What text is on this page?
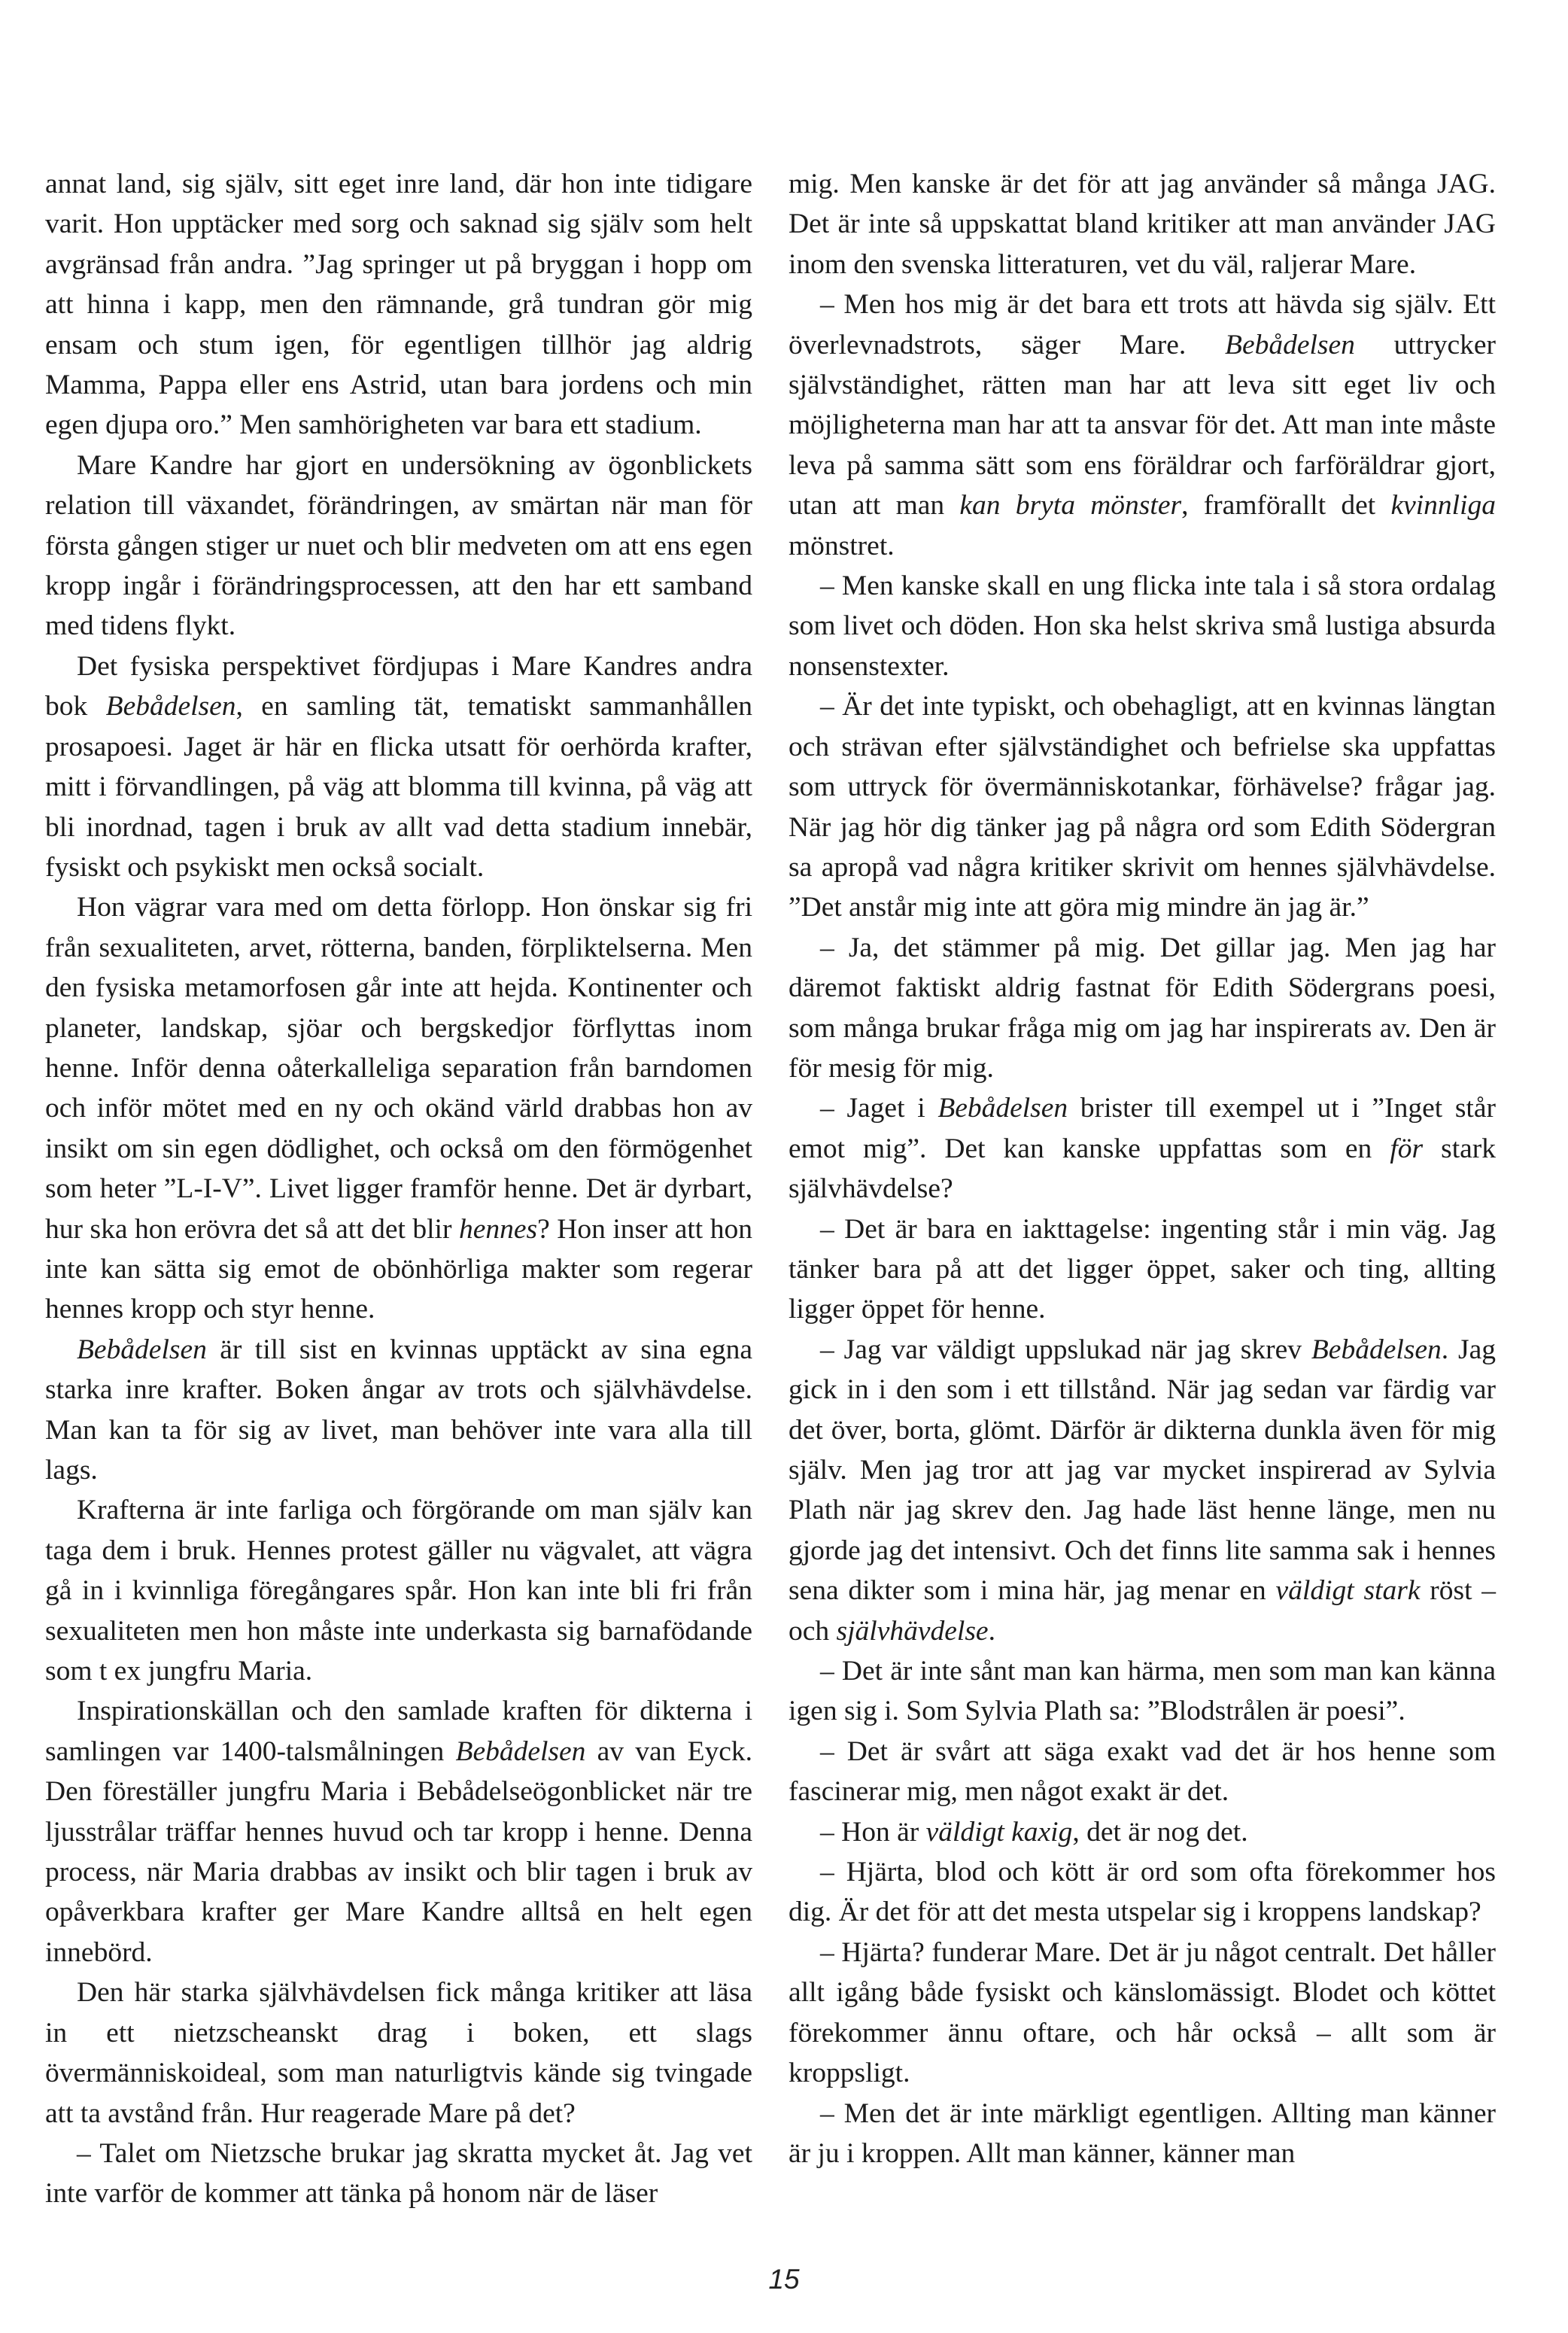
annat land, sig själv, sitt eget inre land, där hon inte tidigare varit. Hon upptäcker med sorg och saknad sig själv som helt avgränsad från andra. ”Jag springer ut på bryggan i hopp om att hinna i kapp, men den rämnande, grå tundran gör mig ensam och stum igen, för egentligen tillhör jag aldrig Mamma, Pappa eller ens Astrid, utan bara jordens och min egen djupa oro.” Men samhörigheten var bara ett stadium.

Mare Kandre har gjort en undersökning av ögonblickets relation till växandet, förändringen, av smärtan när man för första gången stiger ur nuet och blir medveten om att ens egen kropp ingår i förändringsprocessen, att den har ett samband med tidens flykt.

Det fysiska perspektivet fördjupas i Mare Kandres andra bok Bebådelsen, en samling tät, tematiskt sammanhållen prosapoesi. Jaget är här en flicka utsatt för oerhörda krafter, mitt i förvandlingen, på väg att blomma till kvinna, på väg att bli inordnad, tagen i bruk av allt vad detta stadium innebär, fysiskt och psykiskt men också socialt.

Hon vägrar vara med om detta förlopp. Hon önskar sig fri från sexualiteten, arvet, rötterna, banden, förpliktelserna. Men den fysiska metamorfosen går inte att hejda. Kontinenter och planeter, landskap, sjöar och bergskedjor förflyttas inom henne. Inför denna oåterkalleliga separation från barndomen och inför mötet med en ny och okänd värld drabbas hon av insikt om sin egen dödlighet, och också om den förmögenhet som heter ”L-I-V”. Livet ligger framför henne. Det är dyrbart, hur ska hon erövra det så att det blir hennes? Hon inser att hon inte kan sätta sig emot de obönhörliga makter som regerar hennes kropp och styr henne.

Bebådelsen är till sist en kvinnas upptäckt av sina egna starka inre krafter. Boken ångar av trots och självhävdelse. Man kan ta för sig av livet, man behöver inte vara alla till lags.

Krafterna är inte farliga och förgörande om man själv kan taga dem i bruk. Hennes protest gäller nu vägvalet, att vägra gå in i kvinnliga föregångares spår. Hon kan inte bli fri från sexualiteten men hon måste inte underkasta sig barnafödande som t ex jungfru Maria.

Inspirationskällan och den samlade kraften för dikterna i samlingen var 1400-talsmålningen Bebådelsen av van Eyck. Den föreställer jungfru Maria i Bebådelseögonblicket när tre ljusstrålar träffar hennes huvud och tar kropp i henne. Denna process, när Maria drabbas av insikt och blir tagen i bruk av opåverkbara krafter ger Mare Kandre alltså en helt egen innebörd.

Den här starka självhävdelsen fick många kritiker att läsa in ett nietzscheanskt drag i boken, ett slags övermänniskoideal, som man naturligtvis kände sig tvingade att ta avstånd från. Hur reagerade Mare på det?

– Talet om Nietzsche brukar jag skratta mycket åt. Jag vet inte varför de kommer att tänka på honom när de läser

mig. Men kanske är det för att jag använder så många JAG. Det är inte så uppskattat bland kritiker att man använder JAG inom den svenska litteraturen, vet du väl, raljerar Mare.

– Men hos mig är det bara ett trots att hävda sig själv. Ett överlevnadstrots, säger Mare. Bebådelsen uttrycker självständighet, rätten man har att leva sitt eget liv och möjligheterna man har att ta ansvar för det. Att man inte måste leva på samma sätt som ens föräldrar och farföräldrar gjort, utan att man kan bryta mönster, framförallt det kvinnliga mönstret.

– Men kanske skall en ung flicka inte tala i så stora ordalag som livet och döden. Hon ska helst skriva små lustiga absurda nonsenstexter.

– Är det inte typiskt, och obehagligt, att en kvinnas längtan och strävan efter självständighet och befrielse ska uppfattas som uttryck för övermänniskotankar, förhävelse? frågar jag. När jag hör dig tänker jag på några ord som Edith Södergran sa apropå vad några kritiker skrivit om hennes självhävdelse. ”Det anstår mig inte att göra mig mindre än jag är.”

– Ja, det stämmer på mig. Det gillar jag. Men jag har däremot faktiskt aldrig fastnat för Edith Södergrans poesi, som många brukar fråga mig om jag har inspirerats av. Den är för mesig för mig.

– Jaget i Bebådelsen brister till exempel ut i ”Inget står emot mig”. Det kan kanske uppfattas som en för stark självhävdelse?

– Det är bara en iakttagelse: ingenting står i min väg. Jag tänker bara på att det ligger öppet, saker och ting, allting ligger öppet för henne.

– Jag var väldigt uppslukad när jag skrev Bebådelsen. Jag gick in i den som i ett tillstånd. När jag sedan var färdig var det över, borta, glömt. Därför är dikterna dunkla även för mig själv. Men jag tror att jag var mycket inspirerad av Sylvia Plath när jag skrev den. Jag hade läst henne länge, men nu gjorde jag det intensivt. Och det finns lite samma sak i hennes sena dikter som i mina här, jag menar en väldigt stark röst – och självhävdelse.

– Det är inte sånt man kan härma, men som man kan känna igen sig i. Som Sylvia Plath sa: ”Blodstrålen är poesi”.

– Det är svårt att säga exakt vad det är hos henne som fascinerar mig, men något exakt är det.

– Hon är väldigt kaxig, det är nog det.

– Hjärta, blod och kött är ord som ofta förekommer hos dig. Är det för att det mesta utspelar sig i kroppens landskap?

– Hjärta? funderar Mare. Det är ju något centralt. Det håller allt igång både fysiskt och känslomässigt. Blodet och köttet förekommer ännu oftare, och hår också – allt som är kroppsligt.

– Men det är inte märkligt egentligen. Allting man känner är ju i kroppen. Allt man känner, känner man

15
